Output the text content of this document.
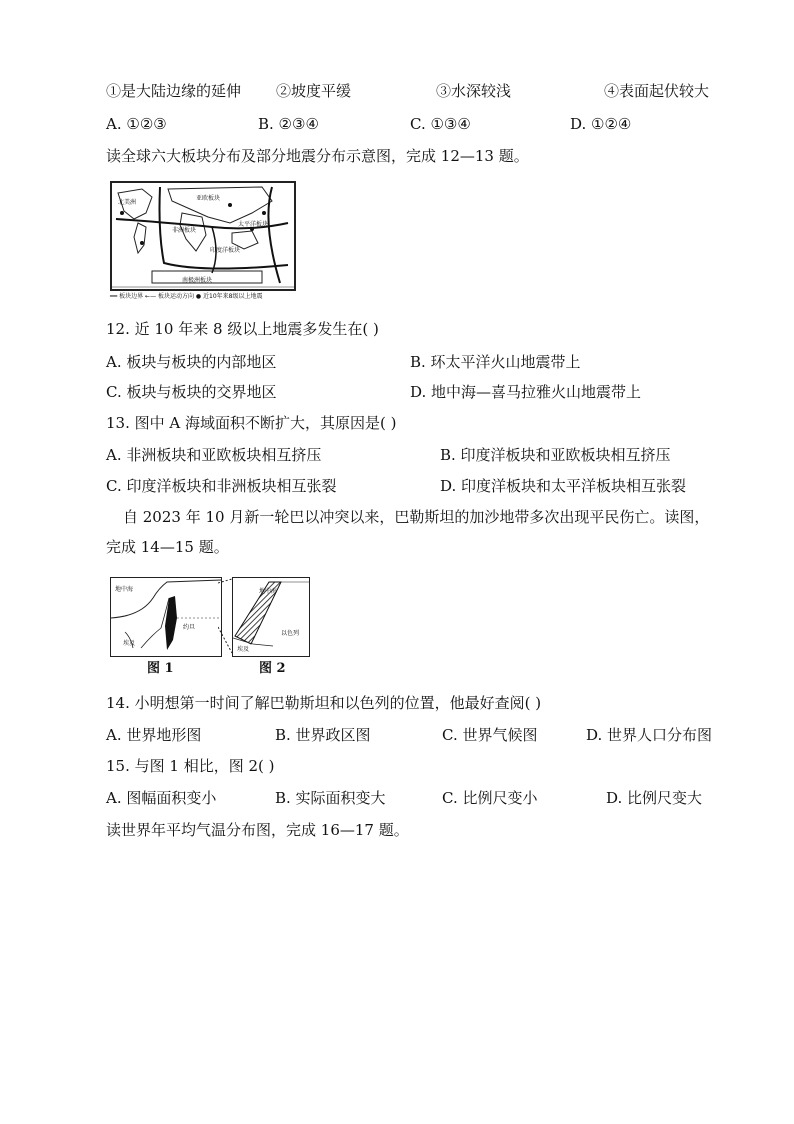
①是大陆边缘的延伸 ②坡度平缓	③水深较浅	④表面起伏较大
A. ①②③	B. ②③④	C. ①③④	D. ①②④
读全球六大板块分布及部分地震分布示意图，完成 12—13 题。
亚欧板块
北美洲
非洲板块
印度洋板块
太平洋板块
南极洲板块
━━ 板块边界 ←— 板块运动方向 ● 近10年来8级以上地震
12. 近 10 年来 8 级以上地震多发生在( )
A. 板块与板块的内部地区	B. 环太平洋火山地震带上
C. 板块与板块的交界地区	D. 地中海—喜马拉雅火山地震带上
13. 图中 A 海域面积不断扩大，其原因是( )
A. 非洲板块和亚欧板块相互挤压	B. 印度洋板块和亚欧板块相互挤压
C. 印度洋板块和非洲板块相互张裂	D. 印度洋板块和太平洋板块相互张裂
自 2023 年 10 月新一轮巴以冲突以来，巴勒斯坦的加沙地带多次出现平民伤亡。读图，
完成 14—15 题。
地中海
约旦
埃及
图 1
地中海
以色列
埃及
图 2
14. 小明想第一时间了解巴勒斯坦和以色列的位置，他最好查阅( )
A. 世界地形图	B. 世界政区图	C. 世界气候图	D. 世界人口分布图
15. 与图 1 相比，图 2( )
A. 图幅面积变小	B. 实际面积变大	C. 比例尺变小	D. 比例尺变大
读世界年平均气温分布图，完成 16—17 题。
